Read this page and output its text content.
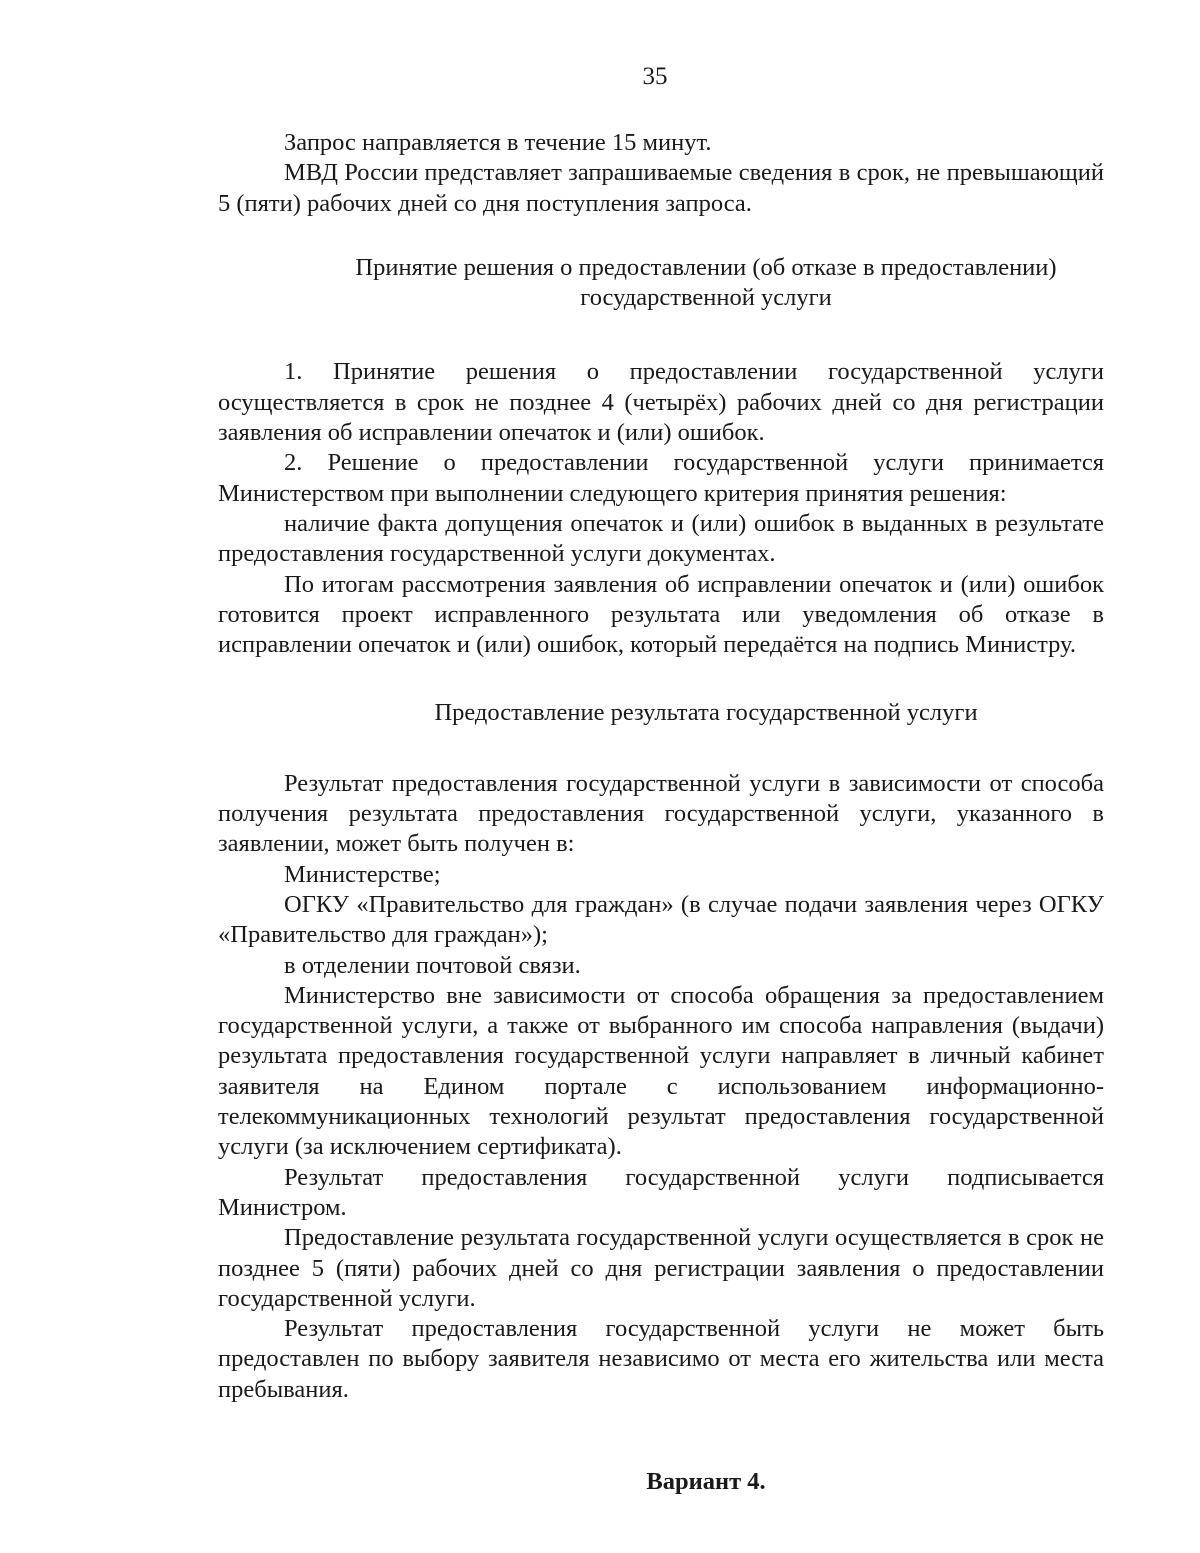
35

Запрос направляется в течение 15 минут.

МВД России представляет запрашиваемые сведения в срок, не превышающий 5 (пяти) рабочих дней со дня поступления запроса.

Принятие решения о предоставлении (об отказе в предоставлении)
государственной услуги

1. Принятие решения о предоставлении государственной услуги осуществляется в срок не позднее 4 (четырёх) рабочих дней со дня регистрации заявления об исправлении опечаток и (или) ошибок.

2. Решение о предоставлении государственной услуги принимается Министерством при выполнении следующего критерия принятия решения:

наличие факта допущения опечаток и (или) ошибок в выданных в результате предоставления государственной услуги документах.

По итогам рассмотрения заявления об исправлении опечаток и (или) ошибок готовится проект исправленного результата или уведомления об отказе в исправлении опечаток и (или) ошибок, который передаётся на подпись Министру.

Предоставление результата государственной услуги

Результат предоставления государственной услуги в зависимости от способа получения результата предоставления государственной услуги, указанного в заявлении, может быть получен в:

Министерстве;

ОГКУ «Правительство для граждан» (в случае подачи заявления через ОГКУ «Правительство для граждан»);

в отделении почтовой связи.

Министерство вне зависимости от способа обращения за предоставлением государственной услуги, а также от выбранного им способа направления (выдачи) результата предоставления государственной услуги направляет в личный кабинет заявителя на Едином портале с использованием информационно-телекоммуникационных технологий результат предоставления государственной услуги (за исключением сертификата).

Результат предоставления государственной услуги подписывается Министром.

Предоставление результата государственной услуги осуществляется в срок не позднее 5 (пяти) рабочих дней со дня регистрации заявления о предоставлении государственной услуги.

Результат предоставления государственной услуги не может быть предоставлен по выбору заявителя независимо от места его жительства или места пребывания.

Вариант 4.
